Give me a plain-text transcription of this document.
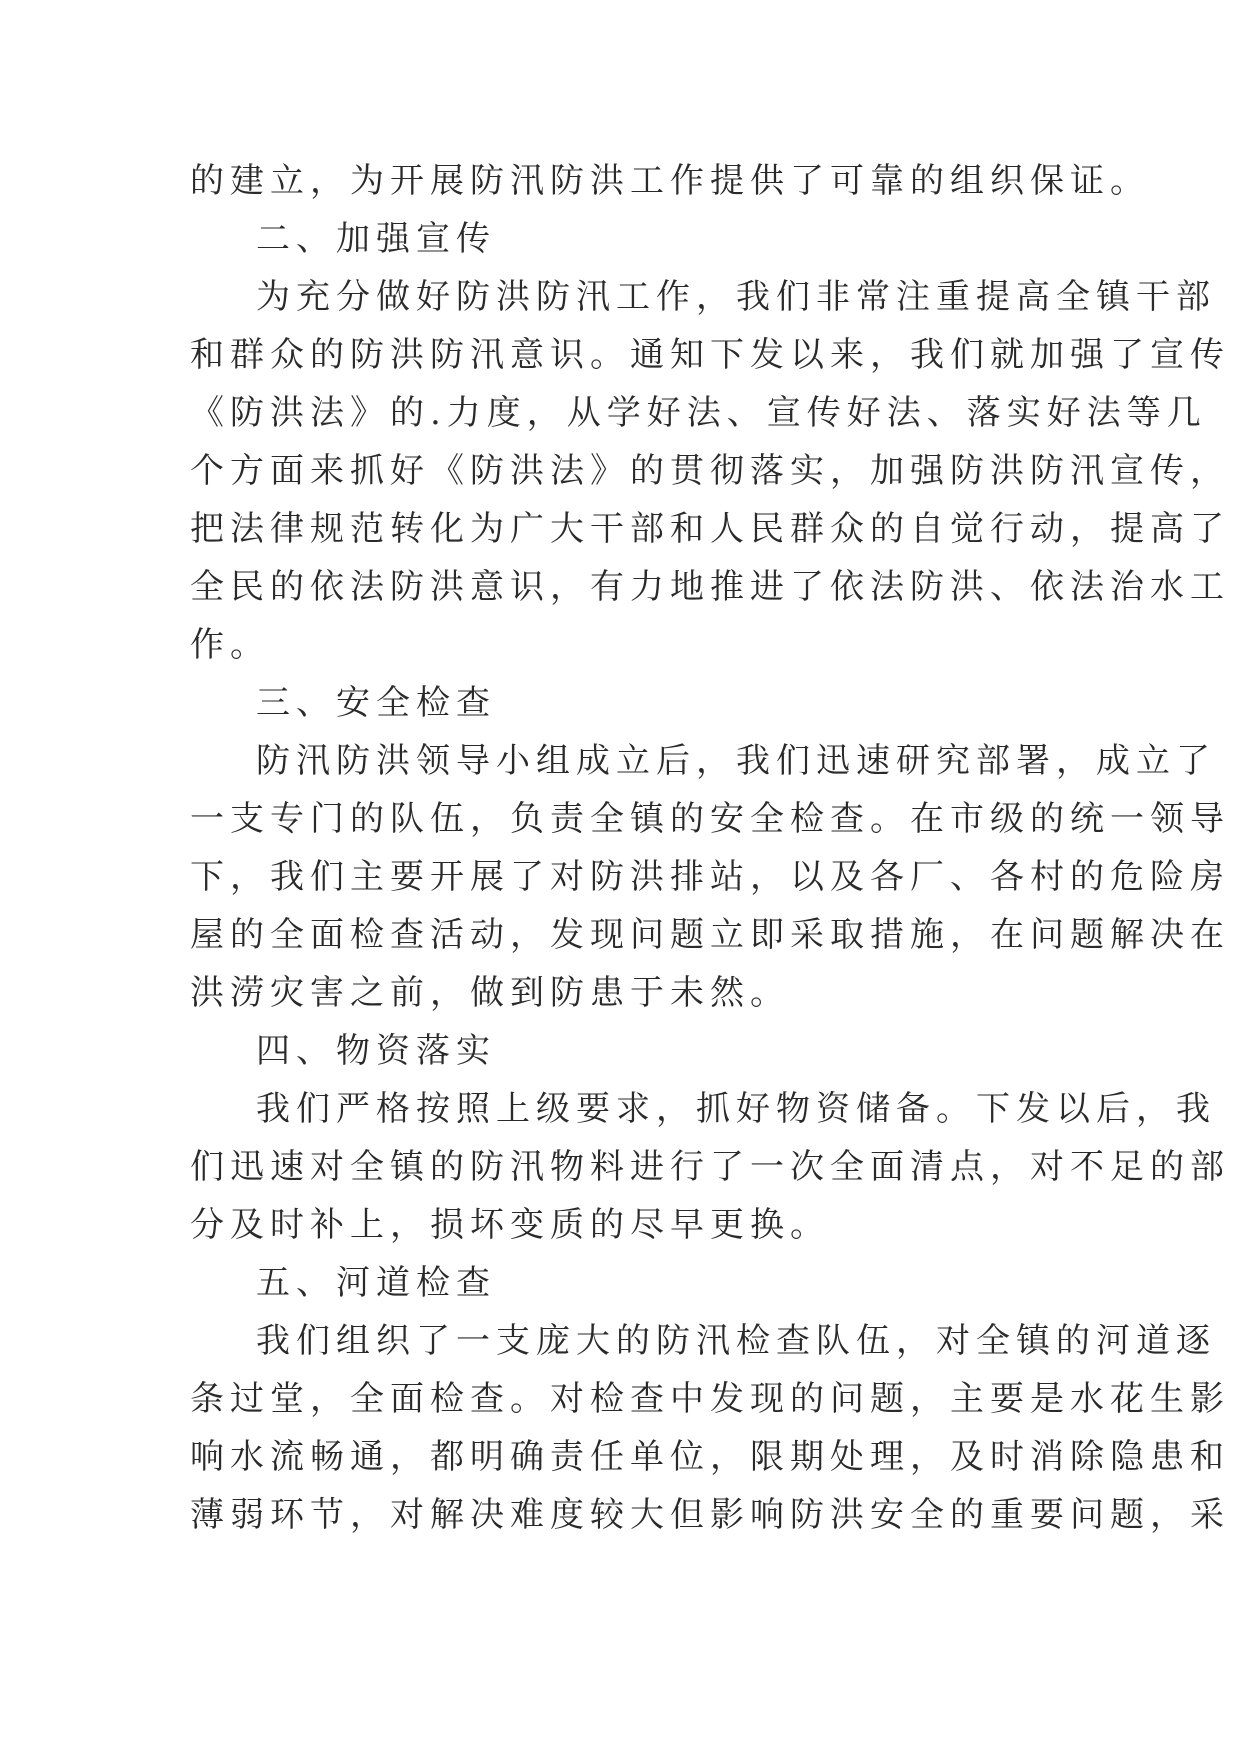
的建立，为开展防汛防洪工作提供了可靠的组织保证。

二、加强宣传

为充分做好防洪防汛工作，我们非常注重提高全镇干部

和群众的防洪防汛意识。通知下发以来，我们就加强了宣传

《防洪法》的.力度，从学好法、宣传好法、落实好法等几

个方面来抓好《防洪法》的贯彻落实，加强防洪防汛宣传，

把法律规范转化为广大干部和人民群众的自觉行动，提高了

全民的依法防洪意识，有力地推进了依法防洪、依法治水工

作。

三、安全检查

防汛防洪领导小组成立后，我们迅速研究部署，成立了

一支专门的队伍，负责全镇的安全检查。在市级的统一领导

下，我们主要开展了对防洪排站，以及各厂、各村的危险房

屋的全面检查活动，发现问题立即采取措施，在问题解决在

洪涝灾害之前，做到防患于未然。

四、物资落实

我们严格按照上级要求，抓好物资储备。下发以后，我

们迅速对全镇的防汛物料进行了一次全面清点，对不足的部

分及时补上，损坏变质的尽早更换。

五、河道检查

我们组织了一支庞大的防汛检查队伍，对全镇的河道逐

条过堂，全面检查。对检查中发现的问题，主要是水花生影

响水流畅通，都明确责任单位，限期处理，及时消除隐患和

薄弱环节，对解决难度较大但影响防洪安全的重要问题，采
